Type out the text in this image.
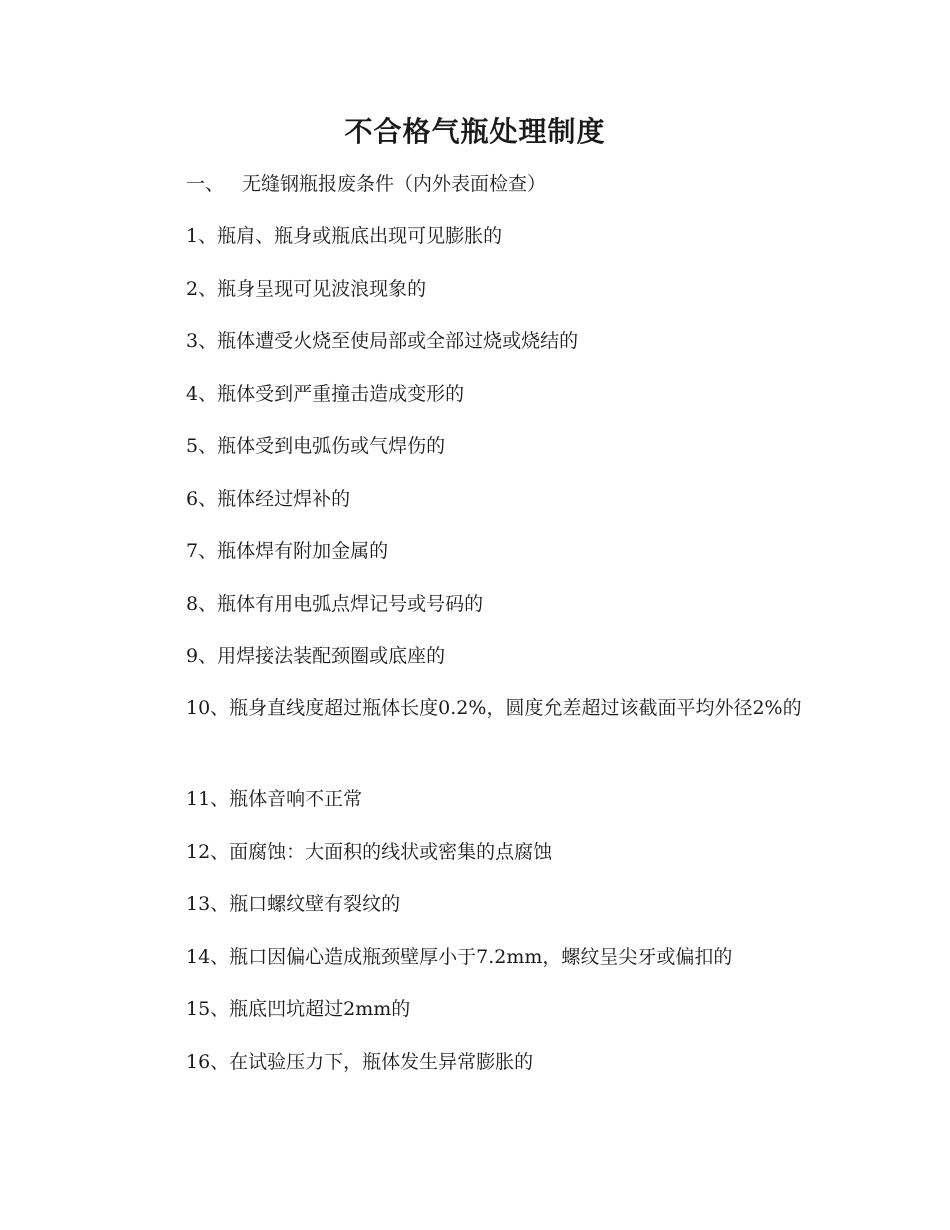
不合格气瓶处理制度
一、 无缝钢瓶报废条件（内外表面检查）
1、瓶肩、瓶身或瓶底出现可见膨胀的
2、瓶身呈现可见波浪现象的
3、瓶体遭受火烧至使局部或全部过烧或烧结的
4、瓶体受到严重撞击造成变形的
5、瓶体受到电弧伤或气焊伤的
6、瓶体经过焊补的
7、瓶体焊有附加金属的
8、瓶体有用电弧点焊记号或号码的
9、用焊接法装配颈圈或底座的
10、瓶身直线度超过瓶体长度0.2%，圆度允差超过该截面平均外径2%的
11、瓶体音响不正常
12、面腐蚀：大面积的线状或密集的点腐蚀
13、瓶口螺纹壁有裂纹的
14、瓶口因偏心造成瓶颈壁厚小于7.2mm，螺纹呈尖牙或偏扣的
15、瓶底凹坑超过2mm的
16、在试验压力下，瓶体发生异常膨胀的
